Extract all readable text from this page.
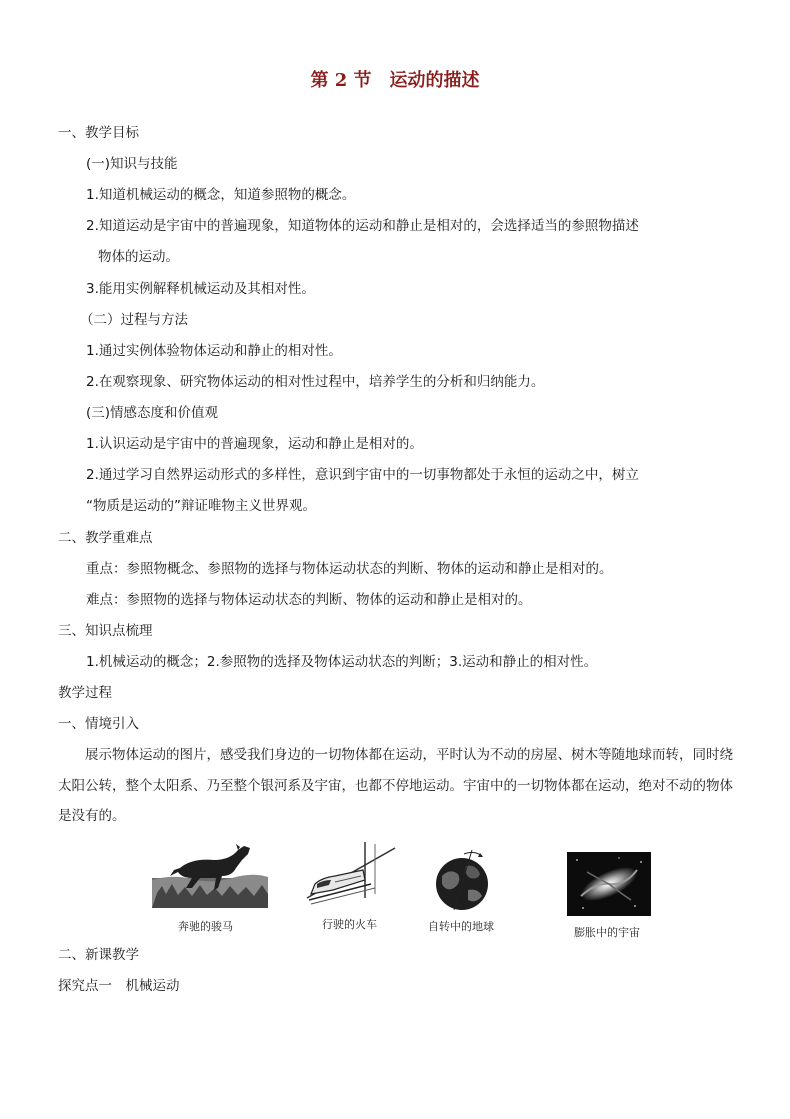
第 2 节　运动的描述
一、教学目标
(一)知识与技能
1.知道机械运动的概念，知道参照物的概念。
2.知道运动是宇宙中的普遍现象，知道物体的运动和静止是相对的，会选择适当的参照物描述
物体的运动。
3.能用实例解释机械运动及其相对性。
（二）过程与方法
1.通过实例体验物体运动和静止的相对性。
2.在观察现象、研究物体运动的相对性过程中，培养学生的分析和归纳能力。
(三)情感态度和价值观
1.认识运动是宇宙中的普遍现象，运动和静止是相对的。
2.通过学习自然界运动形式的多样性，意识到宇宙中的一切事物都处于永恒的运动之中，树立
“物质是运动的”辩证唯物主义世界观。
二、教学重难点
重点：参照物概念、参照物的选择与物体运动状态的判断、物体的运动和静止是相对的。
难点：参照物的选择与物体运动状态的判断、物体的运动和静止是相对的。
三、知识点梳理
1.机械运动的概念；2.参照物的选择及物体运动状态的判断；3.运动和静止的相对性。
教学过程
一、情境引入
展示物体运动的图片，感受我们身边的一切物体都在运动，平时认为不动的房屋、树木等随地球而转，同时绕太阳公转，整个太阳系、乃至整个银河系及宇宙，也都不停地运动。宇宙中的一切物体都在运动，绝对不动的物体是没有的。
奔驰的骏马	行驶的火车	自转中的地球	膨胀中的宇宙
二、新课教学
探究点一　机械运动
